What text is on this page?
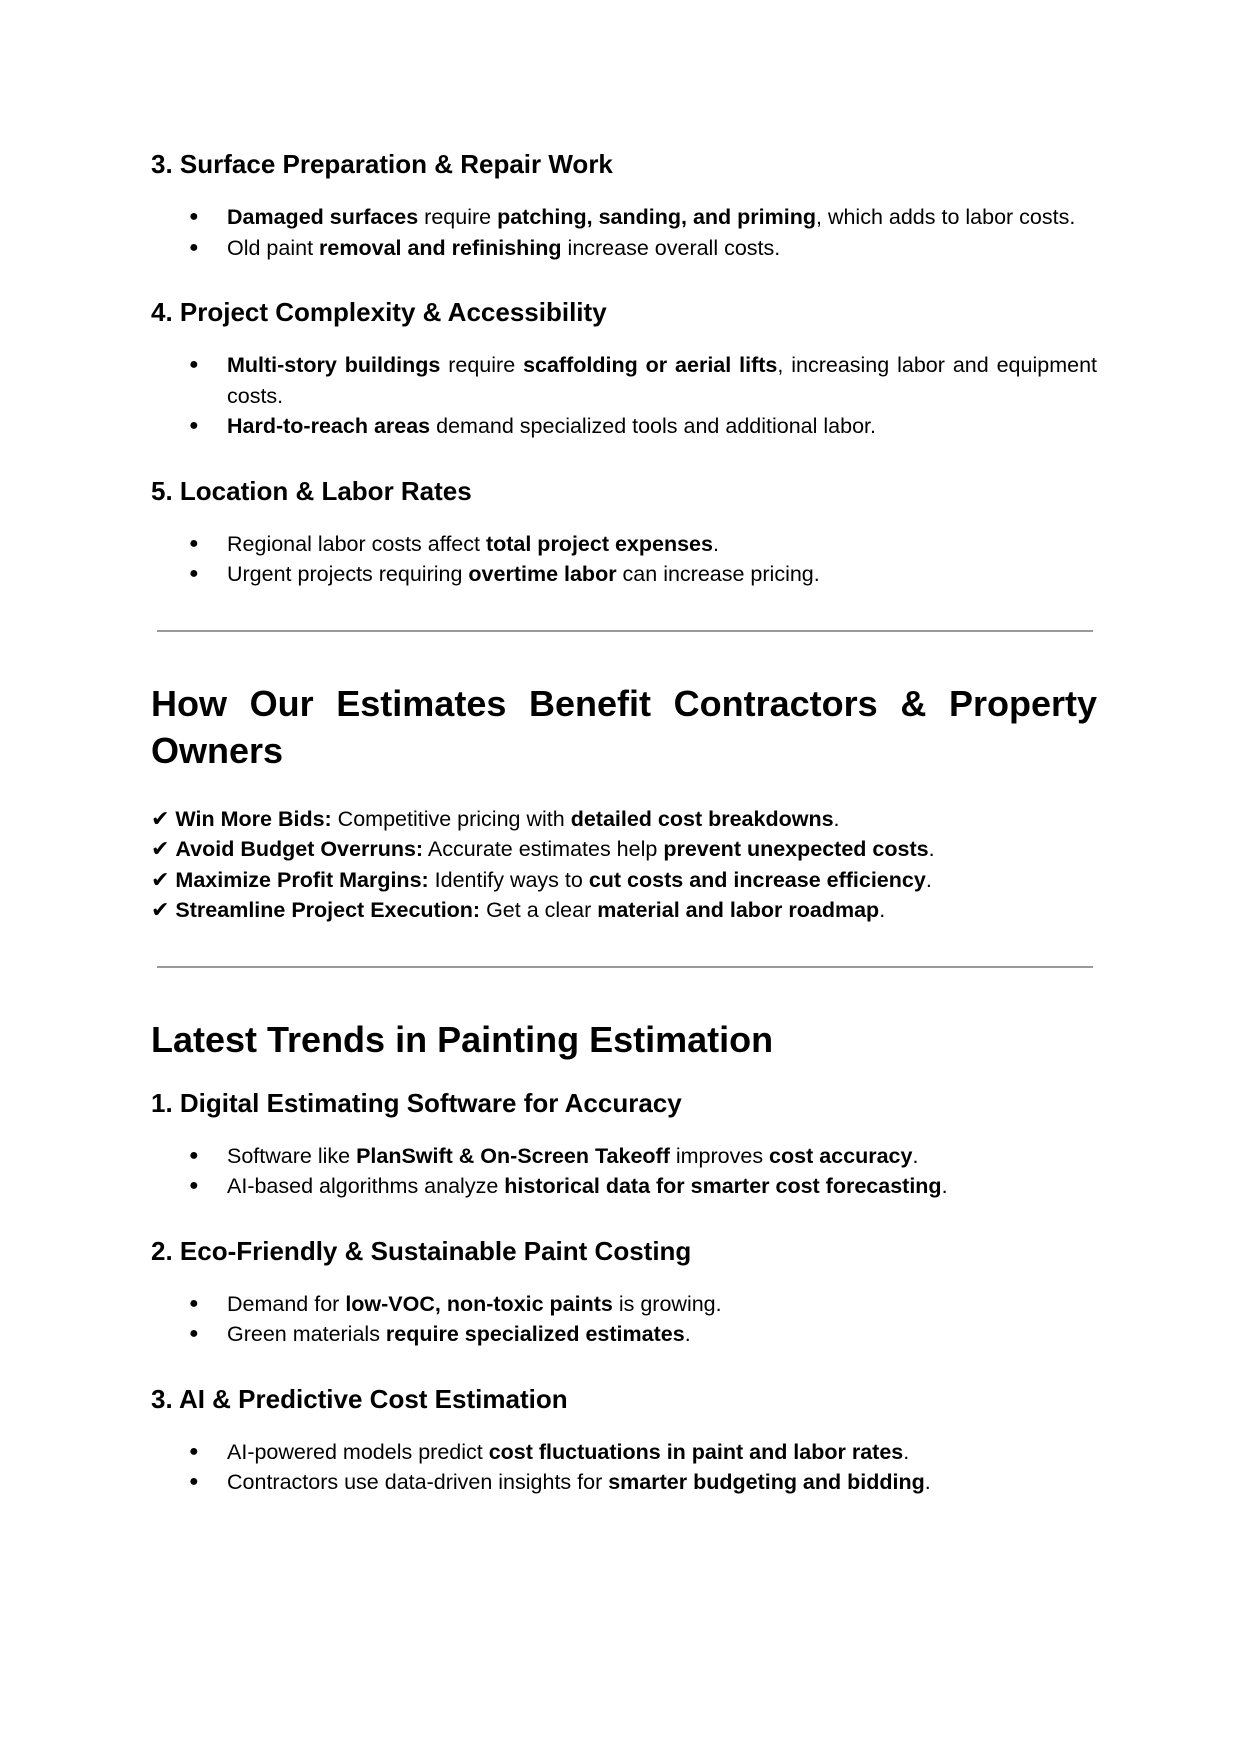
3. Surface Preparation & Repair Work
● Damaged surfaces require patching, sanding, and priming, which adds to labor costs.
● Old paint removal and refinishing increase overall costs.
4. Project Complexity & Accessibility
● Multi-story buildings require scaffolding or aerial lifts, increasing labor and equipment costs.
● Hard-to-reach areas demand specialized tools and additional labor.
5. Location & Labor Rates
● Regional labor costs affect total project expenses.
● Urgent projects requiring overtime labor can increase pricing.
How Our Estimates Benefit Contractors & Property Owners
✔ Win More Bids: Competitive pricing with detailed cost breakdowns.
✔ Avoid Budget Overruns: Accurate estimates help prevent unexpected costs.
✔ Maximize Profit Margins: Identify ways to cut costs and increase efficiency.
✔ Streamline Project Execution: Get a clear material and labor roadmap.
Latest Trends in Painting Estimation
1. Digital Estimating Software for Accuracy
● Software like PlanSwift & On-Screen Takeoff improves cost accuracy.
● AI-based algorithms analyze historical data for smarter cost forecasting.
2. Eco-Friendly & Sustainable Paint Costing
● Demand for low-VOC, non-toxic paints is growing.
● Green materials require specialized estimates.
3. AI & Predictive Cost Estimation
● AI-powered models predict cost fluctuations in paint and labor rates.
● Contractors use data-driven insights for smarter budgeting and bidding.
